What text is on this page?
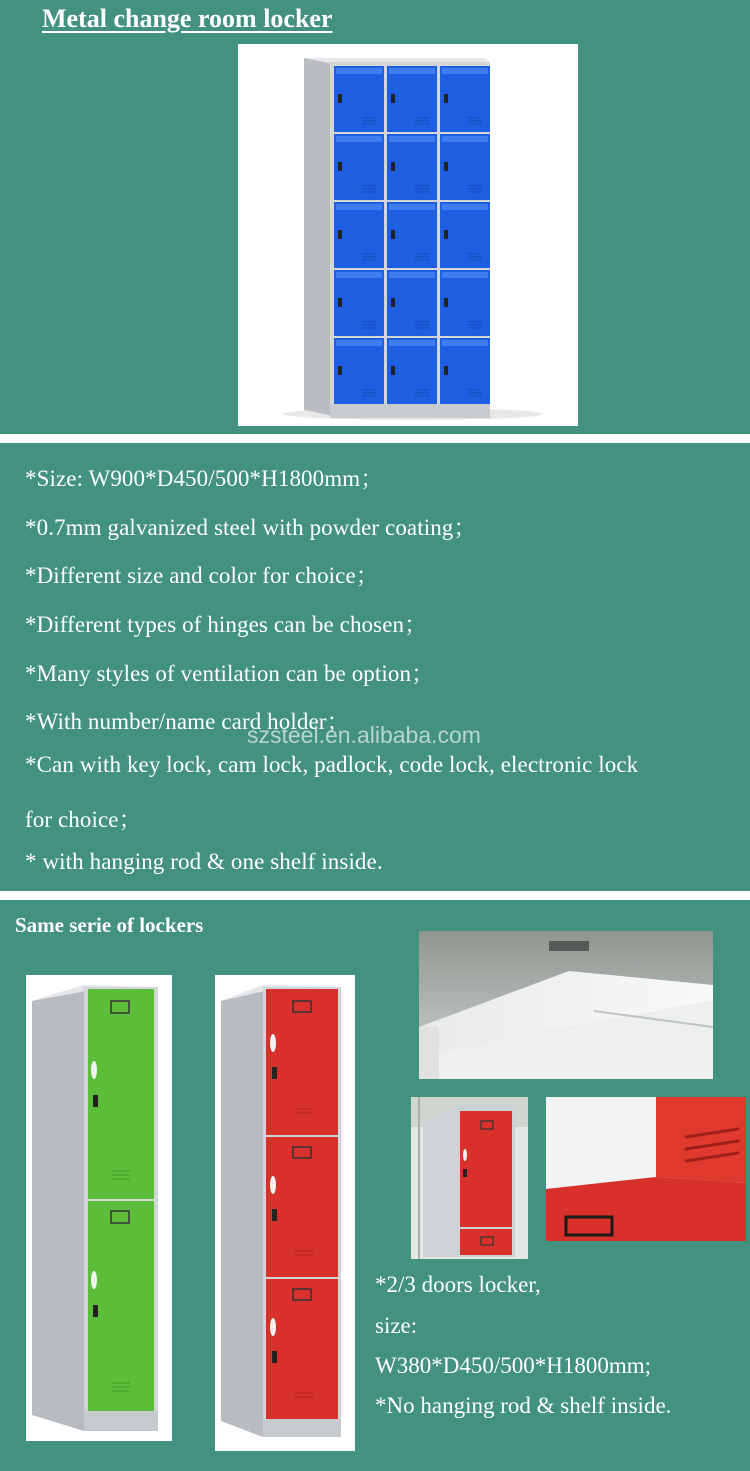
Metal change room locker
*Size: W900*D450/500*H1800mm；
*0.7mm galvanized steel with powder coating；
*Different size and color for choice；
*Different types of hinges can be chosen；
*Many styles of ventilation can be option；
*With number/name card holder；
*Can with key lock, cam lock, padlock, code lock, electronic lock
for choice；
* with hanging rod & one shelf inside.
szsteel.en.alibaba.com
Same serie of lockers
*2/3 doors locker,
size:
W380*D450/500*H1800mm;
*No hanging rod & shelf inside.
